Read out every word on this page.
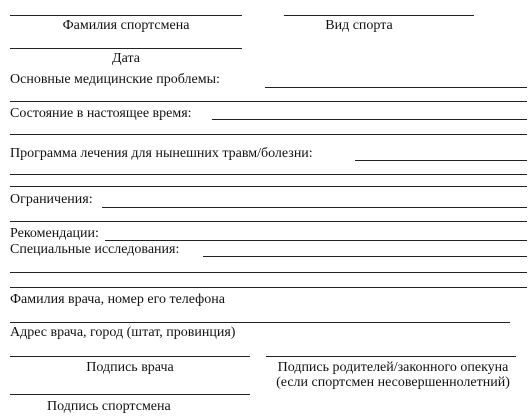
Фамилия спортсмена	Вид спорта
Дата
Основные медицинские проблемы:
Состояние в настоящее время:
Программа лечения для нынешних травм/болезни:
Ограничения:
Рекомендации:
Специальные исследования:
Фамилия врача, номер его телефона
Адрес врача, город (штат, провинция)
Подпись врача	Подпись родителей/законного опекуна
(если спортсмен несовершеннолетний)
Подпись спортсмена
